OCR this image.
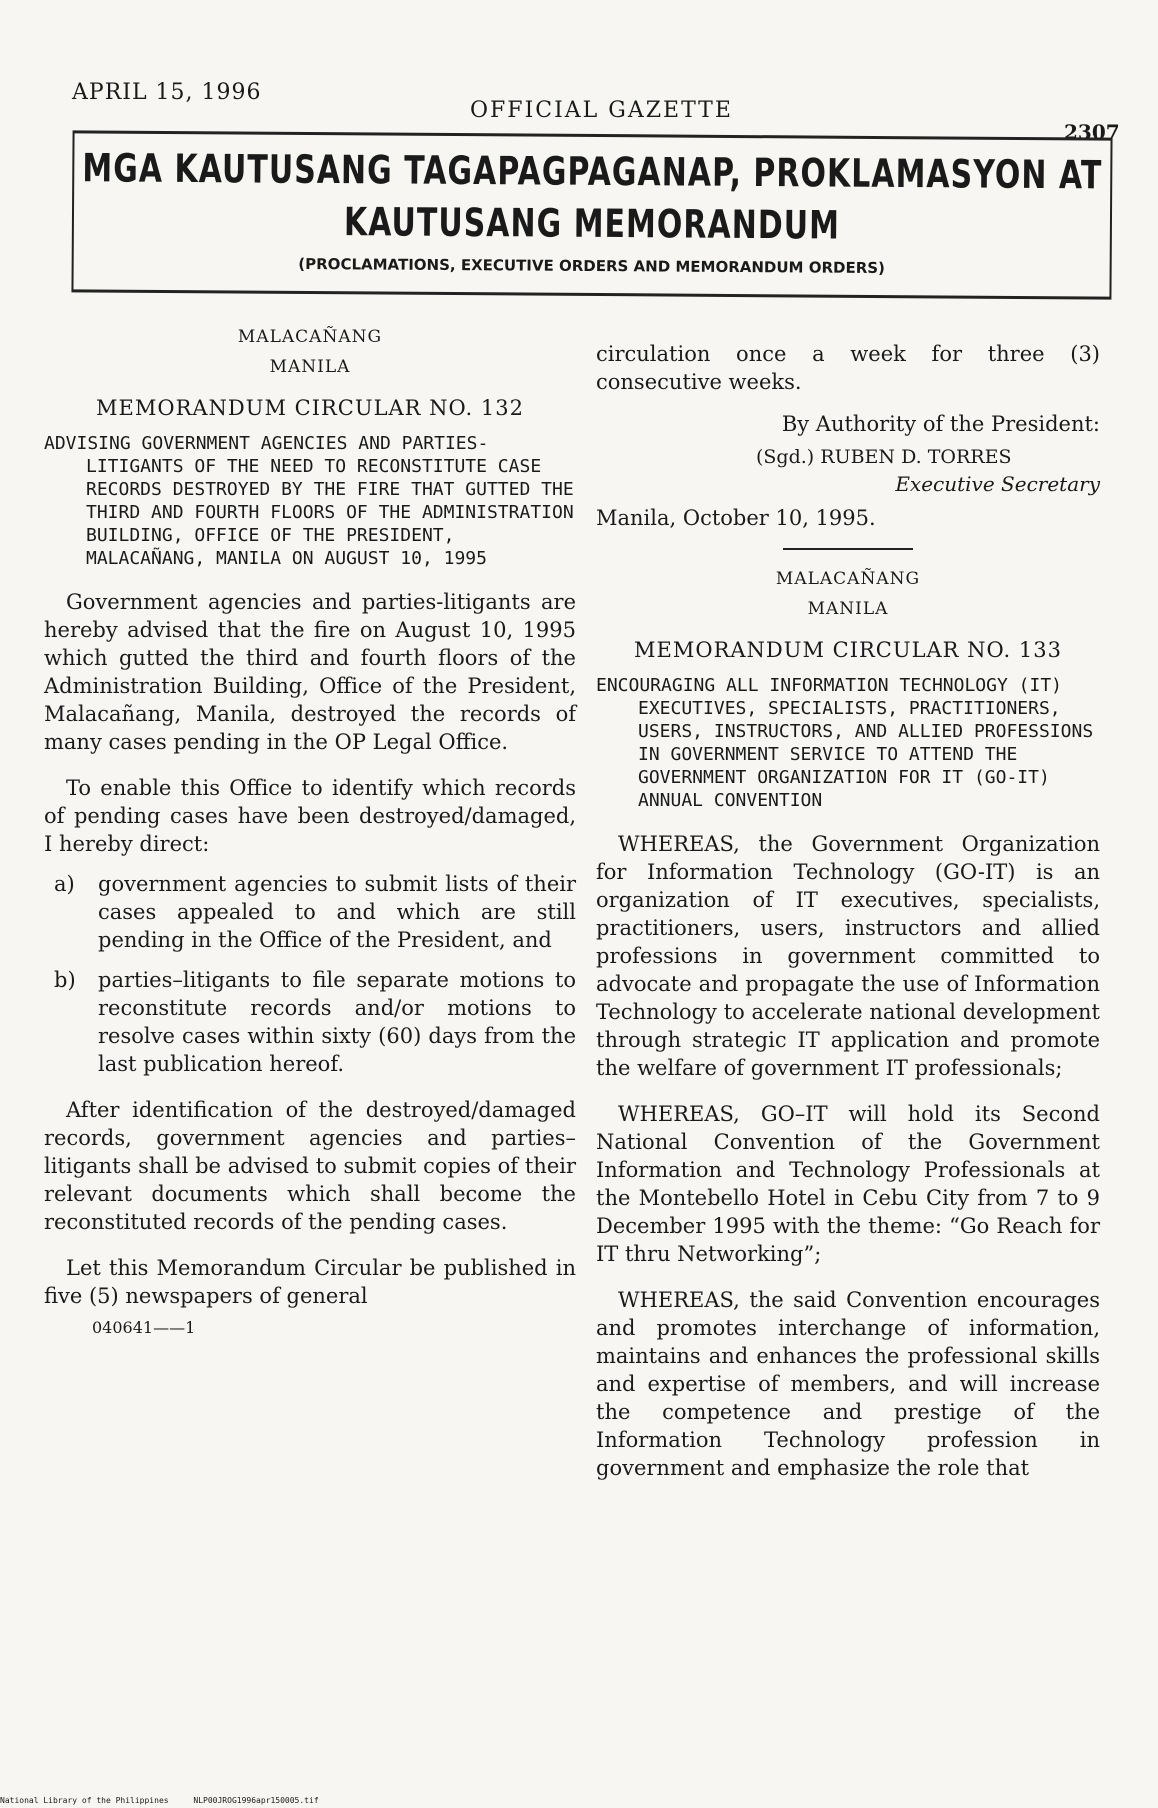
APRIL 15, 1996
OFFICIAL GAZETTE
2307
MGA KAUTUSANG TAGAPAGPAGANAP, PROKLAMASYON AT
KAUTUSANG MEMORANDUM
(PROCLAMATIONS, EXECUTIVE ORDERS AND MEMORANDUM ORDERS)
MALACAÑANG
MANILA
MEMORANDUM CIRCULAR NO. 132
ADVISING GOVERNMENT AGENCIES AND PARTIES-LITIGANTS OF THE NEED TO RECONSTITUTE CASE RECORDS DESTROYED BY THE FIRE THAT GUTTED THE THIRD AND FOURTH FLOORS OF THE ADMINISTRATION BUILDING, OFFICE OF THE PRESIDENT, MALACAÑANG, MANILA ON AUGUST 10, 1995

Government agencies and parties-litigants are hereby advised that the fire on August 10, 1995 which gutted the third and fourth floors of the Administration Building, Office of the President, Malacañang, Manila, destroyed the records of many cases pending in the OP Legal Office.

To enable this Office to identify which records of pending cases have been destroyed/damaged, I hereby direct:

a)	government agencies to submit lists of their cases appealed to and which are still pending in the Office of the President, and
b)	parties–litigants to file separate motions to reconstitute records and/or motions to resolve cases within sixty (60) days from the last publication hereof.

After identification of the destroyed/damaged records, government agencies and parties–litigants shall be advised to submit copies of their relevant documents which shall become the reconstituted records of the pending cases.

Let this Memorandum Circular be published in five (5) newspapers of general

040641——1

circulation once a week for three (3) consecutive weeks.

By Authority of the President:
(Sgd.) RUBEN D. TORRES
Executive Secretary
Manila, October 10, 1995.
MALACAÑANG
MANILA
MEMORANDUM CIRCULAR NO. 133
ENCOURAGING ALL INFORMATION TECHNOLOGY (IT) EXECUTIVES, SPECIALISTS, PRACTITIONERS, USERS, INSTRUCTORS, AND ALLIED PROFESSIONS IN GOVERNMENT SERVICE TO ATTEND THE GOVERNMENT ORGANIZATION FOR IT (GO-IT) ANNUAL CONVENTION

WHEREAS, the Government Organization for Information Technology (GO-IT) is an organization of IT executives, specialists, practitioners, users, instructors and allied professions in government committed to advocate and propagate the use of Information Technology to accelerate national development through strategic IT application and promote the welfare of government IT professionals;

WHEREAS, GO–IT will hold its Second National Convention of the Government Information and Technology Professionals at the Montebello Hotel in Cebu City from 7 to 9 December 1995 with the theme: “Go Reach for IT thru Networking”;

WHEREAS, the said Convention encourages and promotes interchange of information, maintains and enhances the professional skills and expertise of members, and will increase the competence and prestige of the Information Technology profession in government and emphasize the role that

National Library of the Philippines	NLP00JROG1996apr150005.tif
